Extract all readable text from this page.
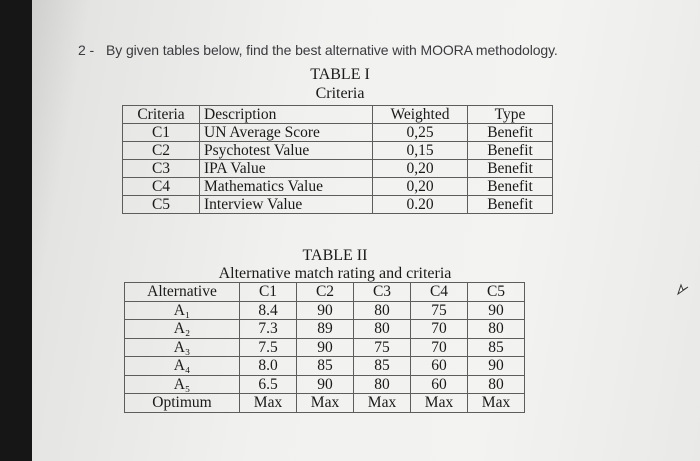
2 - By given tables below, find the best alternative with MOORA methodology.
TABLE I
Criteria
Criteria	Description	Weighted	Type
C1	UN Average Score	0,25	Benefit
C2	Psychotest Value	0,15	Benefit
C3	IPA Value	0,20	Benefit
C4	Mathematics Value	0,20	Benefit
C5	Interview Value	0.20	Benefit
TABLE II
Alternative match rating and criteria
Alternative	C1	C2	C3	C4	C5
A₁	8.4	90	80	75	90
A₂	7.3	89	80	70	80
A₃	7.5	90	75	70	85
A₄	8.0	85	85	60	90
A₅	6.5	90	80	60	80
Optimum	Max	Max	Max	Max	Max
